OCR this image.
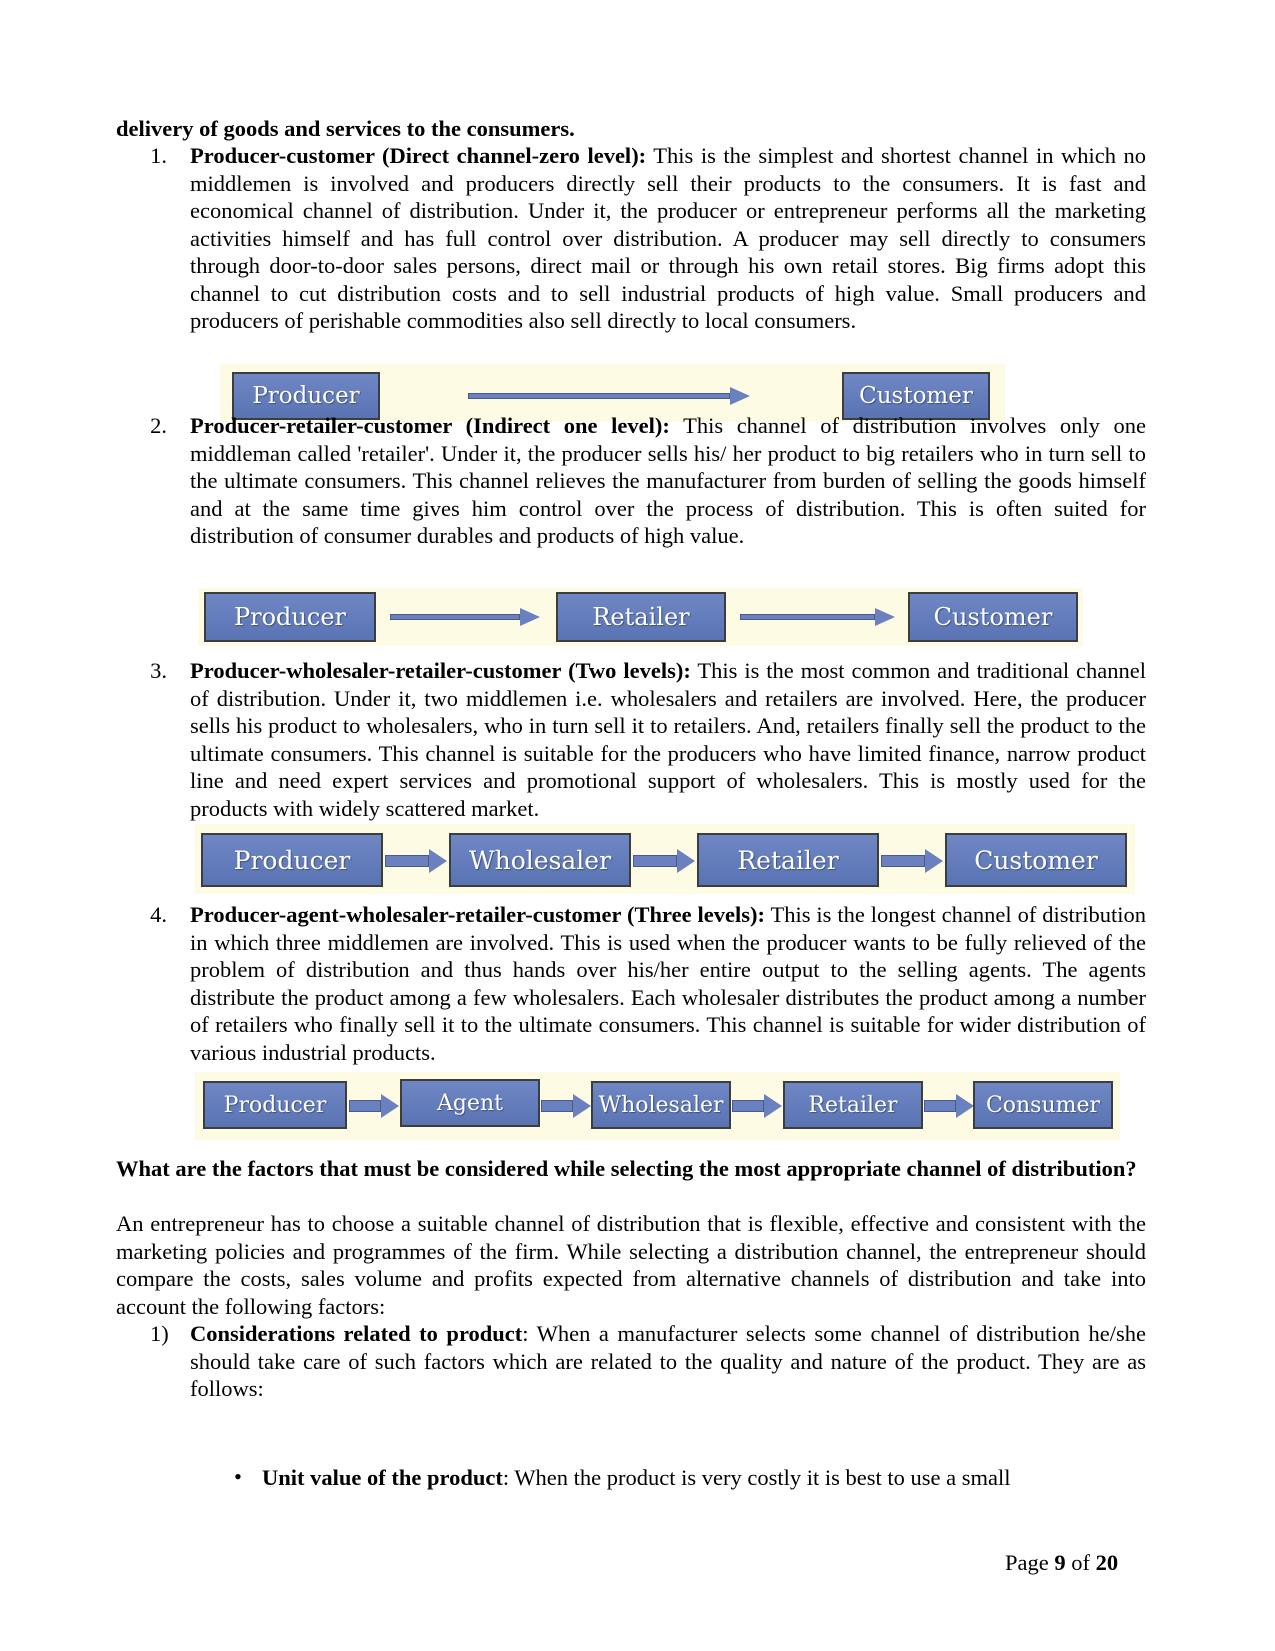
delivery of goods and services to the consumers.
1. Producer-customer (Direct channel-zero level): This is the simplest and shortest channel in which no middlemen is involved and producers directly sell their products to the consumers. It is fast and economical channel of distribution. Under it, the producer or entrepreneur performs all the marketing activities himself and has full control over distribution. A producer may sell directly to consumers through door-to-door sales persons, direct mail or through his own retail stores. Big firms adopt this channel to cut distribution costs and to sell industrial products of high value. Small producers and producers of perishable commodities also sell directly to local consumers.
Producer	Customer
2. Producer-retailer-customer (Indirect one level): This channel of distribution involves only one middleman called 'retailer'. Under it, the producer sells his/ her product to big retailers who in turn sell to the ultimate consumers. This channel relieves the manufacturer from burden of selling the goods himself and at the same time gives him control over the process of distribution. This is often suited for distribution of consumer durables and products of high value.
Producer	Retailer	Customer
3. Producer-wholesaler-retailer-customer (Two levels): This is the most common and traditional channel of distribution. Under it, two middlemen i.e. wholesalers and retailers are involved. Here, the producer sells his product to wholesalers, who in turn sell it to retailers. And, retailers finally sell the product to the ultimate consumers. This channel is suitable for the producers who have limited finance, narrow product line and need expert services and promotional support of wholesalers. This is mostly used for the products with widely scattered market.
Producer	Wholesaler	Retailer	Customer
4. Producer-agent-wholesaler-retailer-customer (Three levels): This is the longest channel of distribution in which three middlemen are involved. This is used when the producer wants to be fully relieved of the problem of distribution and thus hands over his/her entire output to the selling agents. The agents distribute the product among a few wholesalers. Each wholesaler distributes the product among a number of retailers who finally sell it to the ultimate consumers. This channel is suitable for wider distribution of various industrial products.
Producer	Agent	Wholesaler	Retailer	Consumer
What are the factors that must be considered while selecting the most appropriate channel of distribution?
An entrepreneur has to choose a suitable channel of distribution that is flexible, effective and consistent with the marketing policies and programmes of the firm. While selecting a distribution channel, the entrepreneur should compare the costs, sales volume and profits expected from alternative channels of distribution and take into account the following factors:
1) Considerations related to product: When a manufacturer selects some channel of distribution he/she should take care of such factors which are related to the quality and nature of the product. They are as follows:
• Unit value of the product: When the product is very costly it is best to use a small
Page 9 of 20
